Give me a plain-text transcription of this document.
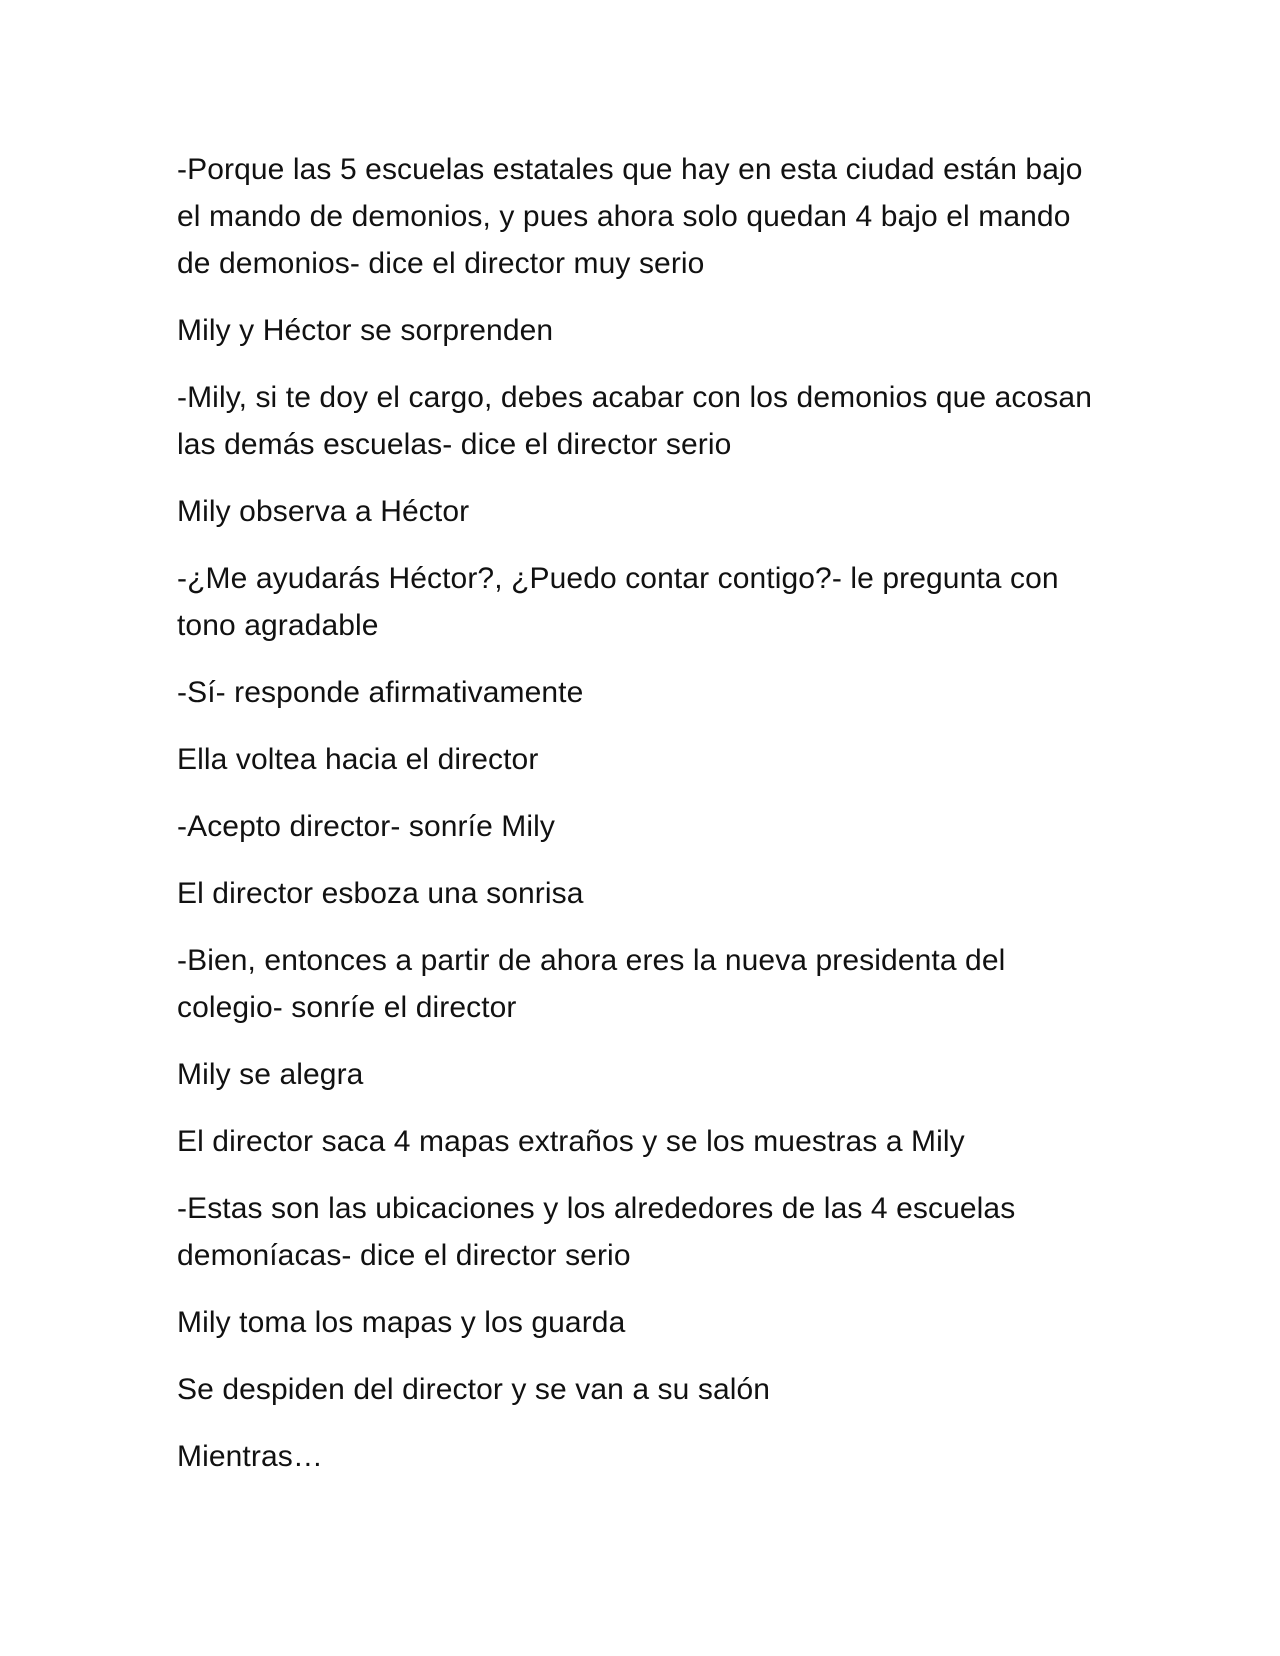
-Porque las 5 escuelas estatales que hay en esta ciudad están bajo el mando de demonios, y pues ahora solo quedan 4 bajo el mando de demonios- dice el director muy serio

Mily y Héctor se sorprenden

-Mily, si te doy el cargo, debes acabar con los demonios que acosan las demás escuelas- dice el director serio

Mily observa a Héctor

-¿Me ayudarás Héctor?, ¿Puedo contar contigo?- le pregunta con tono agradable

-Sí- responde afirmativamente

Ella voltea hacia el director

-Acepto director- sonríe Mily

El director esboza una sonrisa

-Bien, entonces a partir de ahora eres la nueva presidenta del colegio- sonríe el director

Mily se alegra

El director saca 4 mapas extraños y se los muestras a Mily

-Estas son las ubicaciones y los alrededores de las 4 escuelas demoníacas- dice el director serio

Mily toma los mapas y los guarda

Se despiden del director y se van a su salón

Mientras…
